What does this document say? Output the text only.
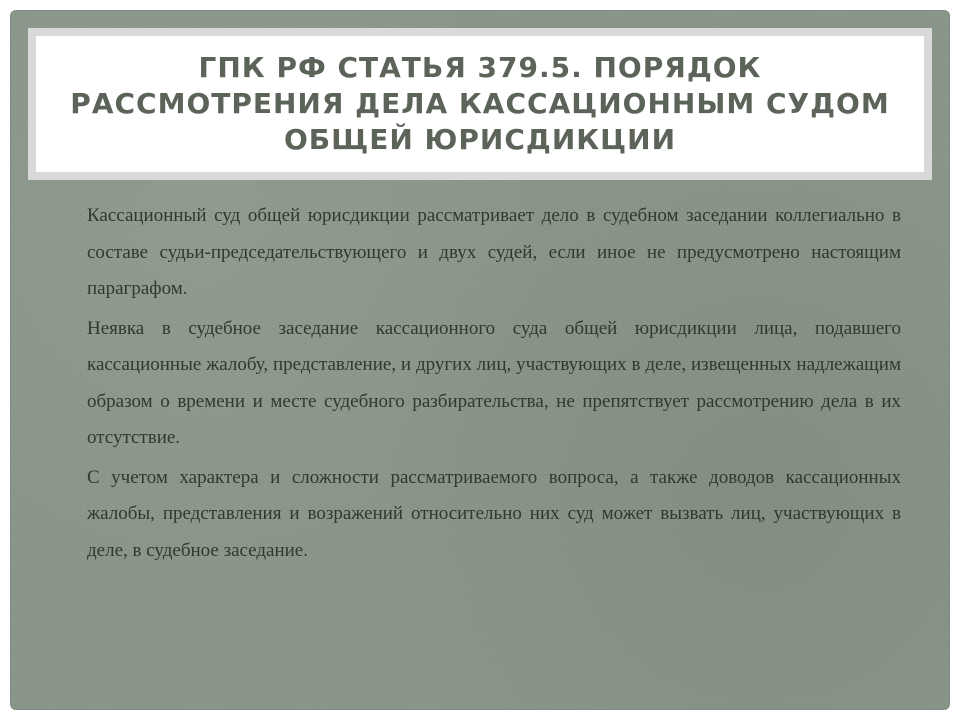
ГПК РФ СТАТЬЯ 379.5. ПОРЯДОК РАССМОТРЕНИЯ ДЕЛА КАССАЦИОННЫМ СУДОМ ОБЩЕЙ ЮРИСДИКЦИИ

Кассационный суд общей юрисдикции рассматривает дело в судебном заседании коллегиально в составе судьи-председательствующего и двух судей, если иное не предусмотрено настоящим параграфом.

Неявка в судебное заседание кассационного суда общей юрисдикции лица, подавшего кассационные жалобу, представление, и других лиц, участвующих в деле, извещенных надлежащим образом о времени и месте судебного разбирательства, не препятствует рассмотрению дела в их отсутствие.

С учетом характера и сложности рассматриваемого вопроса, а также доводов кассационных жалобы, представления и возражений относительно них суд может вызвать лиц, участвующих в деле, в судебное заседание.
